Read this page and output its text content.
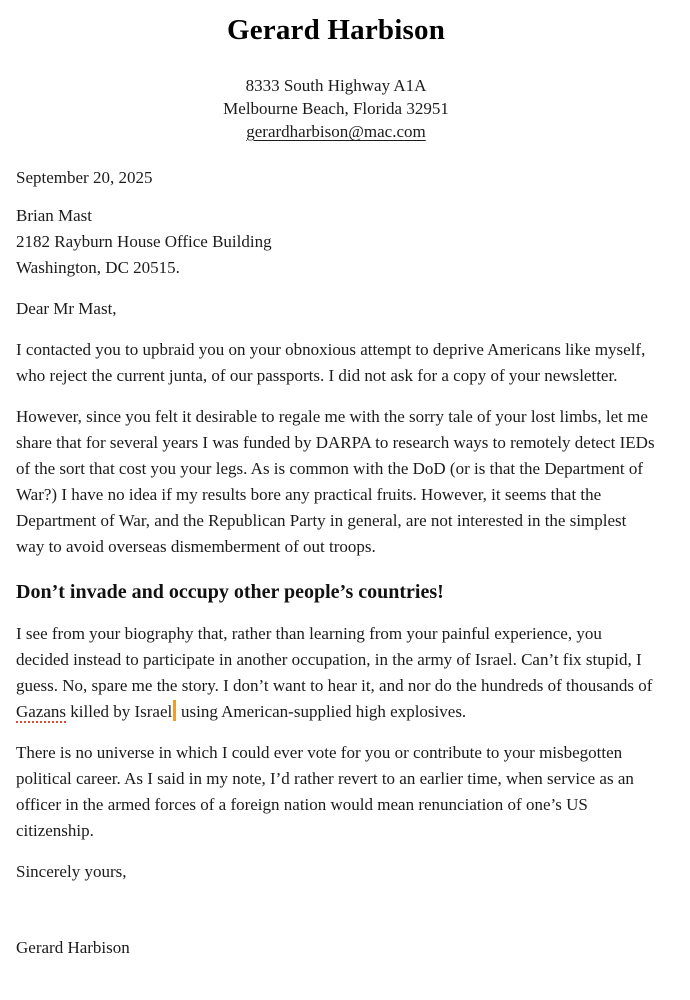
Gerard Harbison
8333 South Highway A1A
Melbourne Beach, Florida 32951
gerardharbison@mac.com
September 20, 2025
Brian Mast
2182 Rayburn House Office Building
Washington, DC 20515.
Dear Mr Mast,

I contacted you to upbraid you on your obnoxious attempt to deprive Americans like myself, who reject the current junta, of our passports. I did not ask for a copy of your newsletter.

However, since you felt it desirable to regale me with the sorry tale of your lost limbs, let me share that for several years I was funded by DARPA to research ways to remotely detect IEDs of the sort that cost you your legs. As is common with the DoD (or is that the Department of War?) I have no idea if my results bore any practical fruits. However, it seems that the Department of War, and the Republican Party in general, are not interested in the simplest way to avoid overseas dismemberment of out troops.

Don’t invade and occupy other people’s countries!

I see from your biography that, rather than learning from your painful experience, you decided instead to participate in another occupation, in the army of Israel. Can’t fix stupid, I guess. No, spare me the story. I don’t want to hear it, and nor do the hundreds of thousands of Gazans killed by Israel using American-supplied high explosives.

There is no universe in which I could ever vote for you or contribute to your misbegotten political career. As I said in my note, I’d rather revert to an earlier time, when service as an officer in the armed forces of a foreign nation would mean renunciation of one’s US citizenship.

Sincerely yours,
Gerard Harbison
